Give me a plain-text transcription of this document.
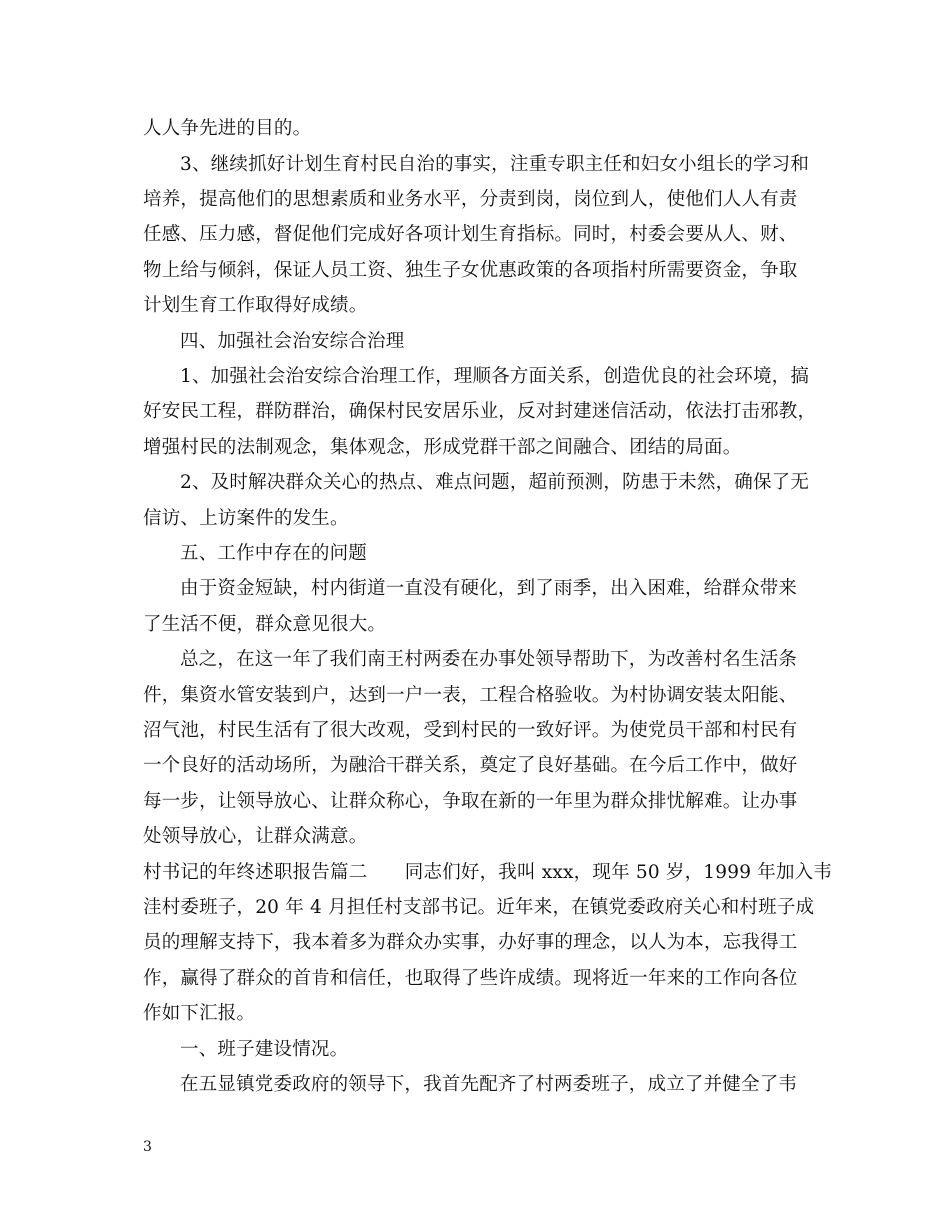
人人争先进的目的。
3、继续抓好计划生育村民自治的事实，注重专职主任和妇女小组长的学习和
培养，提高他们的思想素质和业务水平，分责到岗，岗位到人，使他们人人有责
任感、压力感，督促他们完成好各项计划生育指标。同时，村委会要从人、财、
物上给与倾斜，保证人员工资、独生子女优惠政策的各项指村所需要资金，争取
计划生育工作取得好成绩。
四、加强社会治安综合治理
1、加强社会治安综合治理工作，理顺各方面关系，创造优良的社会环境，搞
好安民工程，群防群治，确保村民安居乐业，反对封建迷信活动，依法打击邪教，
增强村民的法制观念，集体观念，形成党群干部之间融合、团结的局面。
2、及时解决群众关心的热点、难点问题，超前预测，防患于未然，确保了无
信访、上访案件的发生。
五、工作中存在的问题
由于资金短缺，村内街道一直没有硬化，到了雨季，出入困难，给群众带来
了生活不便，群众意见很大。
总之，在这一年了我们南王村两委在办事处领导帮助下，为改善村名生活条
件，集资水管安装到户，达到一户一表，工程合格验收。为村协调安装太阳能、
沼气池，村民生活有了很大改观，受到村民的一致好评。为使党员干部和村民有
一个良好的活动场所，为融洽干群关系，奠定了良好基础。在今后工作中，做好
每一步，让领导放心、让群众称心，争取在新的一年里为群众排忧解难。让办事
处领导放心，让群众满意。
村书记的年终述职报告篇二　　同志们好，我叫 xxx，现年 50 岁，1999 年加入韦
洼村委班子，20 年 4 月担任村支部书记。近年来，在镇党委政府关心和村班子成
员的理解支持下，我本着多为群众办实事，办好事的理念，以人为本，忘我得工
作，赢得了群众的首肯和信任，也取得了些许成绩。现将近一年来的工作向各位
作如下汇报。
一、班子建设情况。
在五显镇党委政府的领导下，我首先配齐了村两委班子，成立了并健全了韦
3
